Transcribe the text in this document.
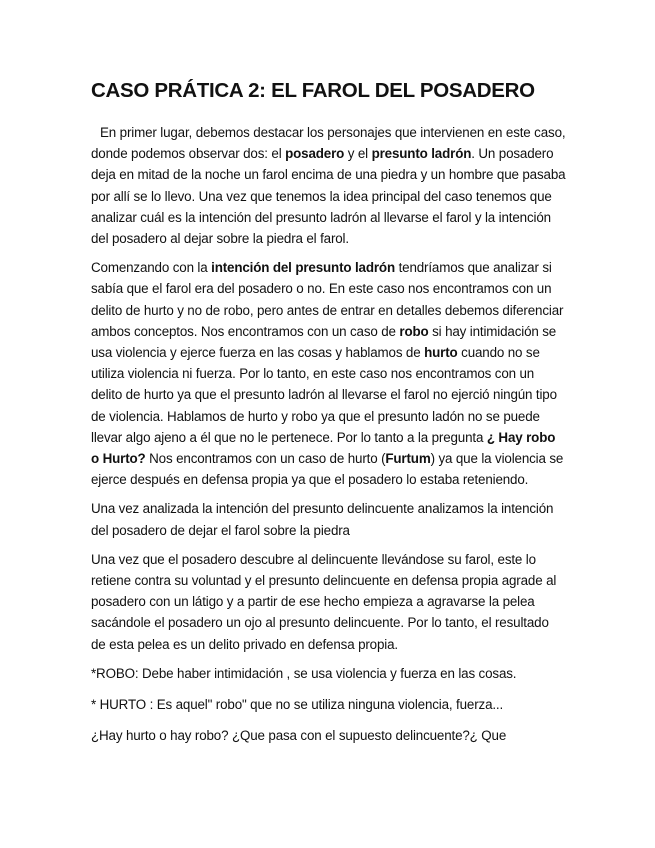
CASO PRÁTICA 2: EL FAROL DEL POSADERO

En primer lugar, debemos destacar los personajes que intervienen en este caso, donde podemos observar dos: el posadero y el presunto ladrón. Un posadero deja en mitad de la noche un farol encima de una piedra y un hombre que pasaba por allí se lo llevo. Una vez que tenemos la idea principal del caso tenemos que analizar cuál es la intención del presunto ladrón al llevarse el farol y la intención del posadero al dejar sobre la piedra el farol.

Comenzando con la intención del presunto ladrón tendríamos que analizar si sabía que el farol era del posadero o no. En este caso nos encontramos con un delito de hurto y no de robo, pero antes de entrar en detalles debemos diferenciar ambos conceptos. Nos encontramos con un caso de robo si hay intimidación se usa violencia y ejerce fuerza en las cosas y hablamos de hurto cuando no se utiliza violencia ni fuerza. Por lo tanto, en este caso nos encontramos con un delito de hurto ya que el presunto ladrón al llevarse el farol no ejerció ningún tipo de violencia. Hablamos de hurto y robo ya que el presunto ladón no se puede llevar algo ajeno a él que no le pertenece. Por lo tanto a la pregunta ¿ Hay robo o Hurto? Nos encontramos con un caso de hurto (Furtum) ya que la violencia se ejerce después en defensa propia ya que el posadero lo estaba reteniendo.

Una vez analizada la intención del presunto delincuente analizamos la intención del posadero de dejar el farol sobre la piedra

Una vez que el posadero descubre al delincuente llevándose su farol, este lo retiene contra su voluntad y el presunto delincuente en defensa propia agrade al posadero con un látigo y a partir de ese hecho empieza a agravarse la pelea sacándole el posadero un ojo al presunto delincuente. Por lo tanto, el resultado de esta pelea es un delito privado en defensa propia.

*ROBO: Debe haber intimidación , se usa violencia y fuerza en las cosas.

* HURTO : Es aquel" robo" que no se utiliza ninguna violencia, fuerza...

¿Hay hurto o hay robo? ¿Que pasa con el supuesto delincuente?¿ Que
